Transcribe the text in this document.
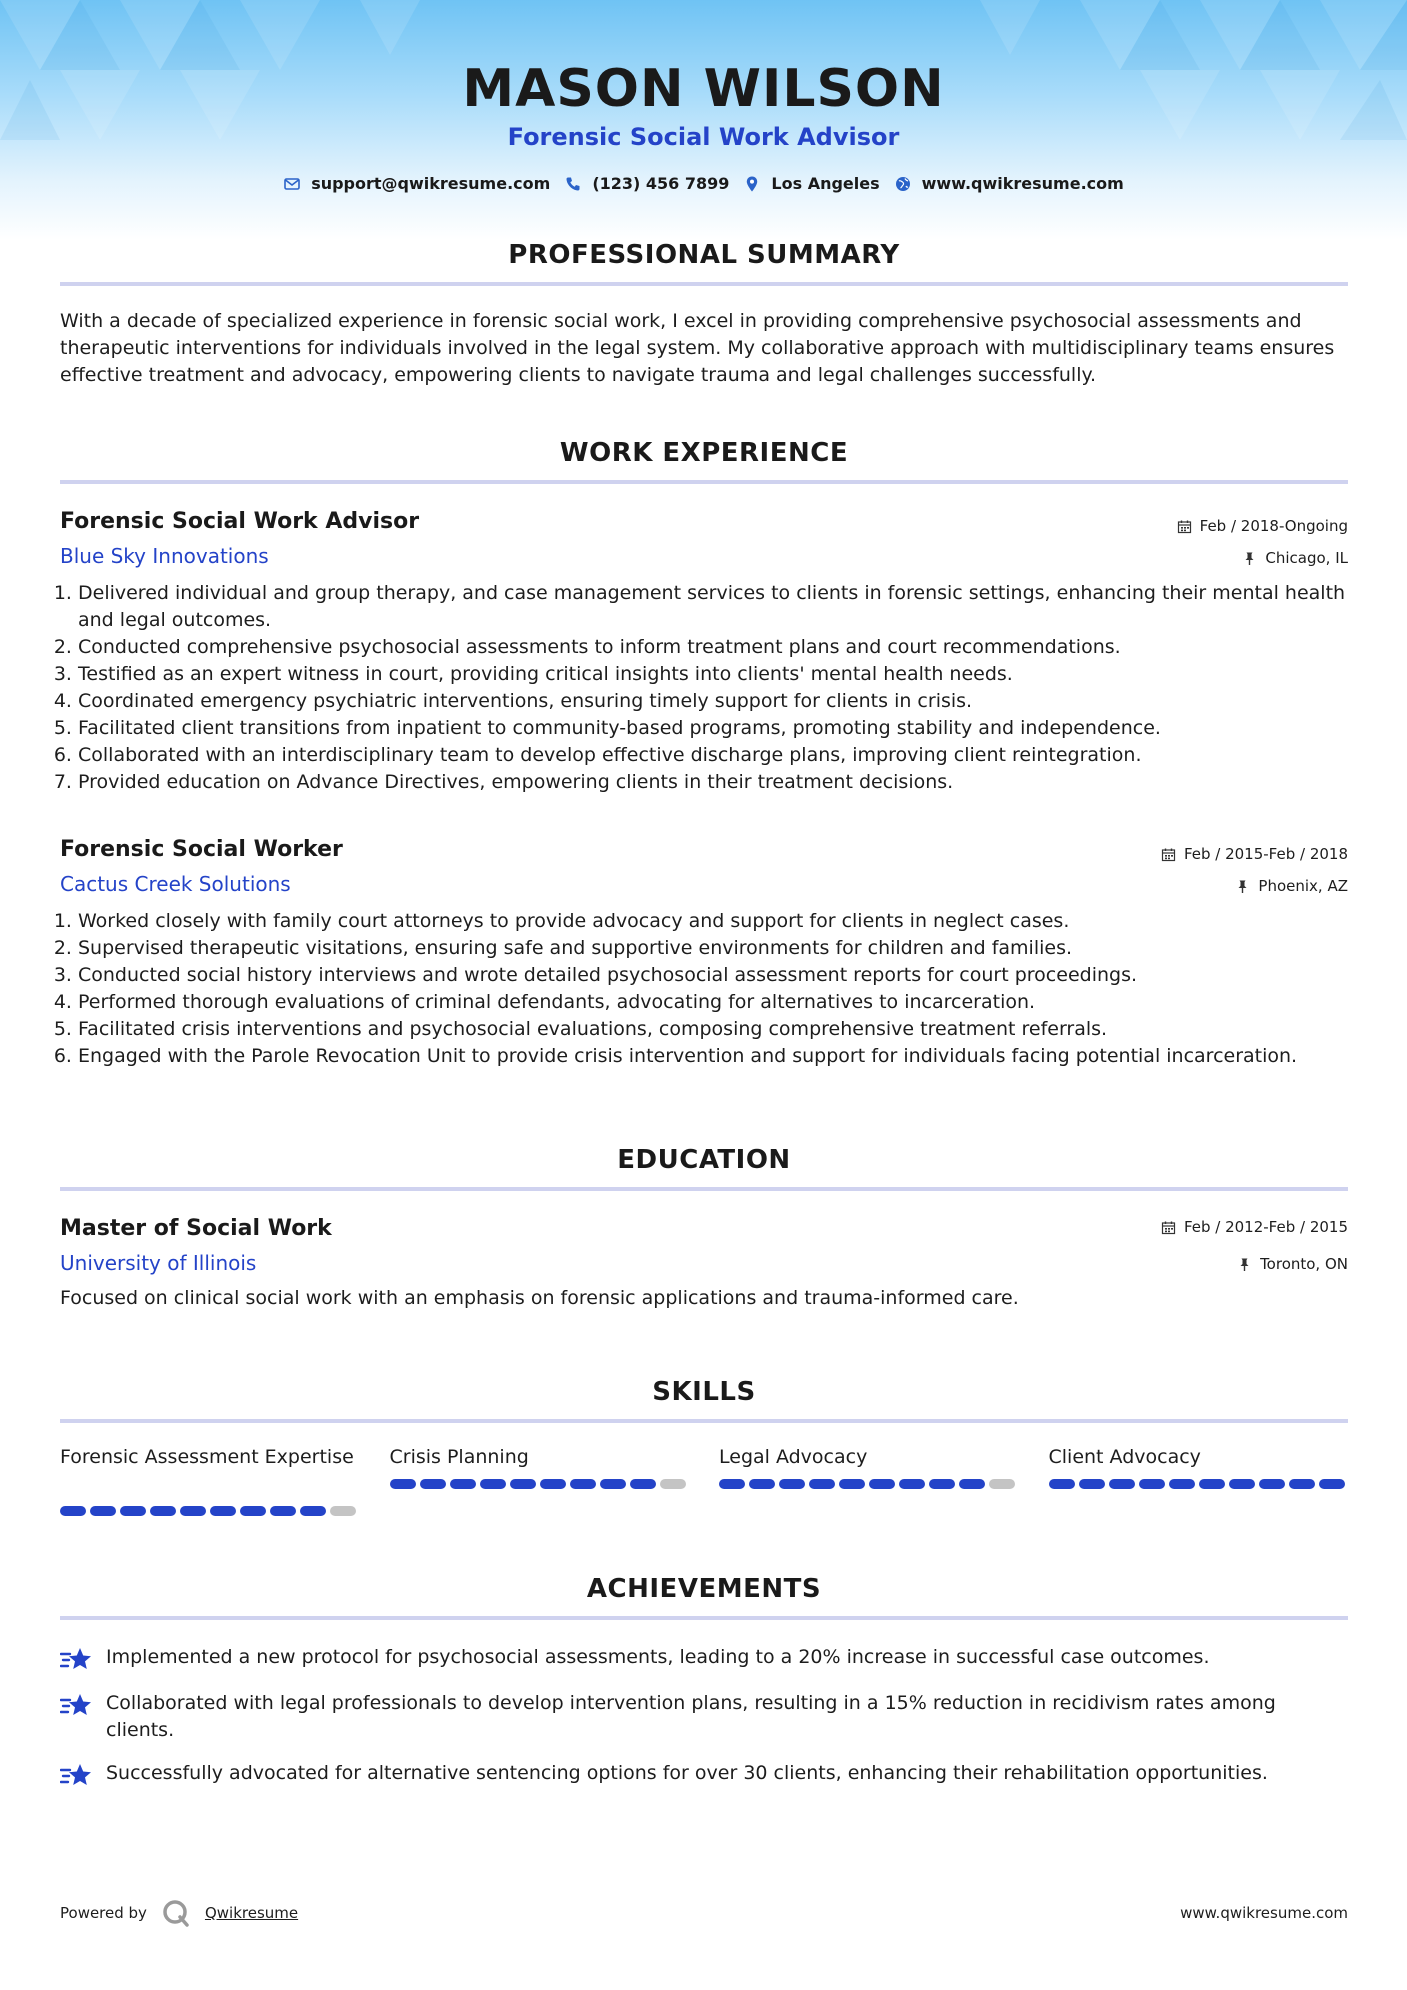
MASON WILSON
Forensic Social Work Advisor
support@qwikresume.com	(123) 456 7899	Los Angeles	www.qwikresume.com
PROFESSIONAL SUMMARY
With a decade of specialized experience in forensic social work, I excel in providing comprehensive psychosocial assessments and therapeutic interventions for individuals involved in the legal system. My collaborative approach with multidisciplinary teams ensures effective treatment and advocacy, empowering clients to navigate trauma and legal challenges successfully.
WORK EXPERIENCE
Forensic Social Work Advisor
Blue Sky Innovations
Feb / 2018-Ongoing
Chicago, IL
1. Delivered individual and group therapy, and case management services to clients in forensic settings, enhancing their mental health and legal outcomes.
2. Conducted comprehensive psychosocial assessments to inform treatment plans and court recommendations.
3. Testified as an expert witness in court, providing critical insights into clients' mental health needs.
4. Coordinated emergency psychiatric interventions, ensuring timely support for clients in crisis.
5. Facilitated client transitions from inpatient to community-based programs, promoting stability and independence.
6. Collaborated with an interdisciplinary team to develop effective discharge plans, improving client reintegration.
7. Provided education on Advance Directives, empowering clients in their treatment decisions.
Forensic Social Worker
Cactus Creek Solutions
Feb / 2015-Feb / 2018
Phoenix, AZ
1. Worked closely with family court attorneys to provide advocacy and support for clients in neglect cases.
2. Supervised therapeutic visitations, ensuring safe and supportive environments for children and families.
3. Conducted social history interviews and wrote detailed psychosocial assessment reports for court proceedings.
4. Performed thorough evaluations of criminal defendants, advocating for alternatives to incarceration.
5. Facilitated crisis interventions and psychosocial evaluations, composing comprehensive treatment referrals.
6. Engaged with the Parole Revocation Unit to provide crisis intervention and support for individuals facing potential incarceration.
EDUCATION
Master of Social Work
University of Illinois
Feb / 2012-Feb / 2015
Toronto, ON
Focused on clinical social work with an emphasis on forensic applications and trauma-informed care.
SKILLS
Forensic Assessment Expertise Crisis Planning	Legal Advocacy	Client Advocacy
ACHIEVEMENTS
Implemented a new protocol for psychosocial assessments, leading to a 20% increase in successful case outcomes.
Collaborated with legal professionals to develop intervention plans, resulting in a 15% reduction in recidivism rates among clients.
Successfully advocated for alternative sentencing options for over 30 clients, enhancing their rehabilitation opportunities.
Powered by	Qwikresume	www.qwikresume.com
